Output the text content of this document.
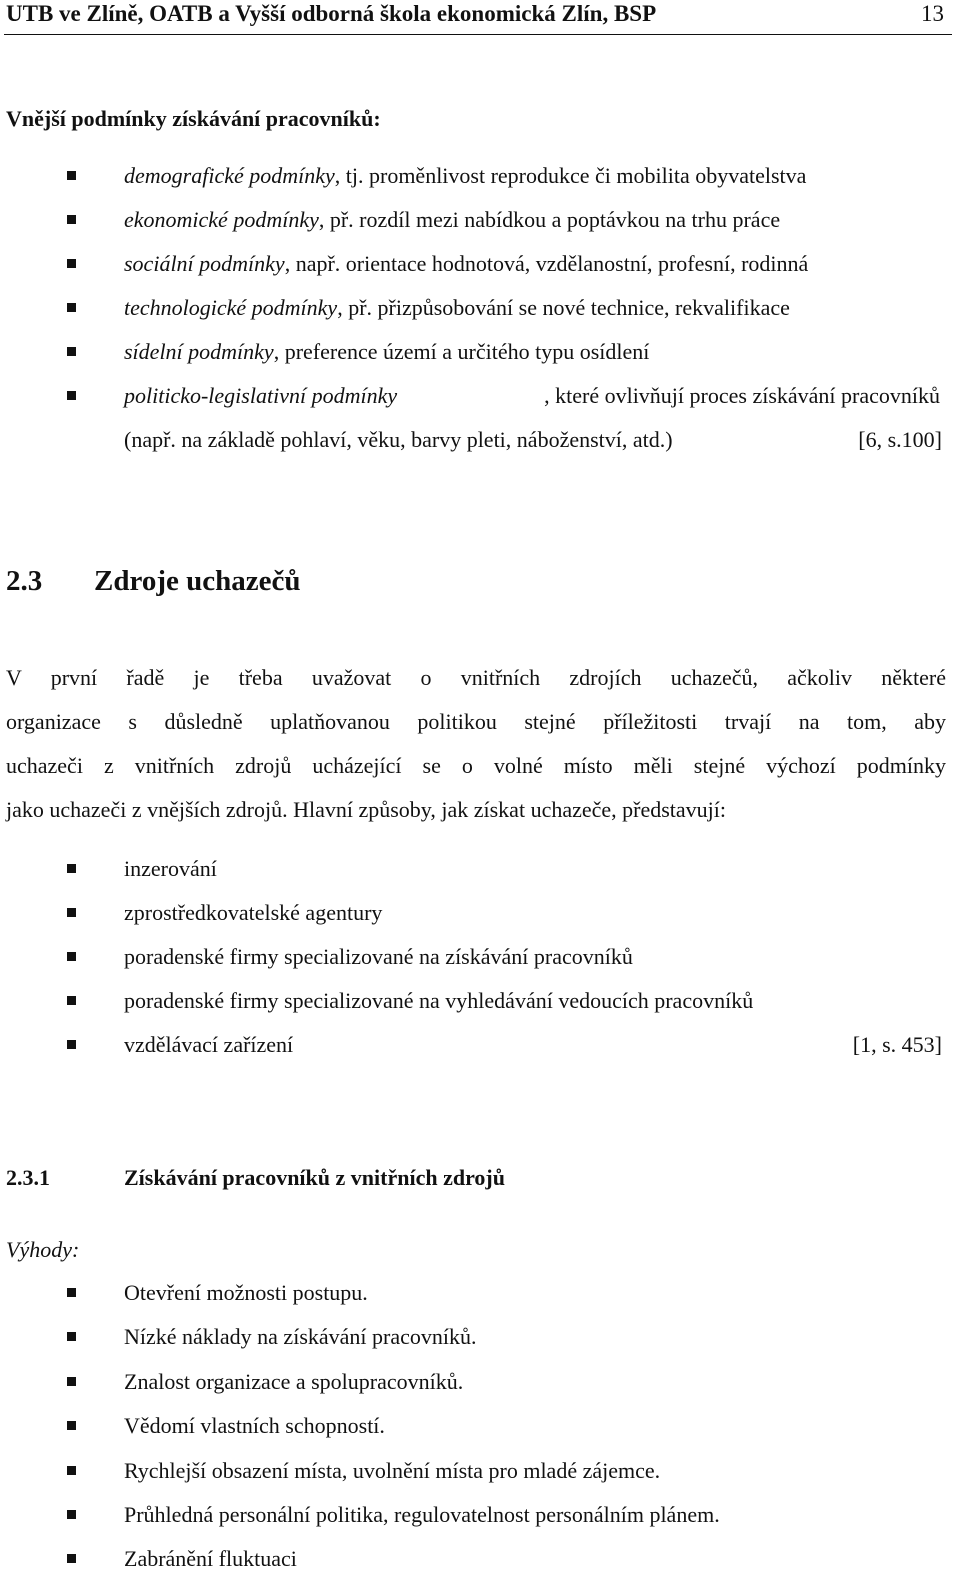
UTB ve Zlíně, OATB a Vyšší odborná škola ekonomická Zlín, BSP	13
Vnější podmínky získávání pracovníků:
demografické podmínky, tj. proměnlivost reprodukce či mobilita obyvatelstva
ekonomické podmínky, př. rozdíl mezi nabídkou a poptávkou na trhu práce
sociální podmínky, např. orientace hodnotová, vzdělanostní, profesní, rodinná
technologické podmínky, př. přizpůsobování se nové technice, rekvalifikace
sídelní podmínky, preference území a určitého typu osídlení
politicko-legislativní podmínky	, které ovlivňují proces získávání pracovníků
(např. na základě pohlaví, věku, barvy pleti, náboženství, atd.)	[6, s.100]
2.3 Zdroje uchazečů
V první řadě je třeba uvažovat o vnitřních zdrojích uchazečů, ačkoliv některé
organizace s důsledně uplatňovanou politikou stejné příležitosti trvají na tom, aby
uchazeči z vnitřních zdrojů ucházející se o volné místo měli stejné výchozí podmínky
jako uchazeči z vnějších zdrojů. Hlavní způsoby, jak získat uchazeče, představují:
inzerování
zprostředkovatelské agentury
poradenské firmy specializované na získávání pracovníků
poradenské firmy specializované na vyhledávání vedoucích pracovníků
vzdělávací zařízení	[1, s. 453]
2.3.1	Získávání pracovníků z vnitřních zdrojů
Výhody:
Otevření možnosti postupu.
Nízké náklady na získávání pracovníků.
Znalost organizace a spolupracovníků.
Vědomí vlastních schopností.
Rychlejší obsazení místa, uvolnění místa pro mladé zájemce.
Průhledná personální politika, regulovatelnost personálním plánem.
Zabránění fluktuaci
